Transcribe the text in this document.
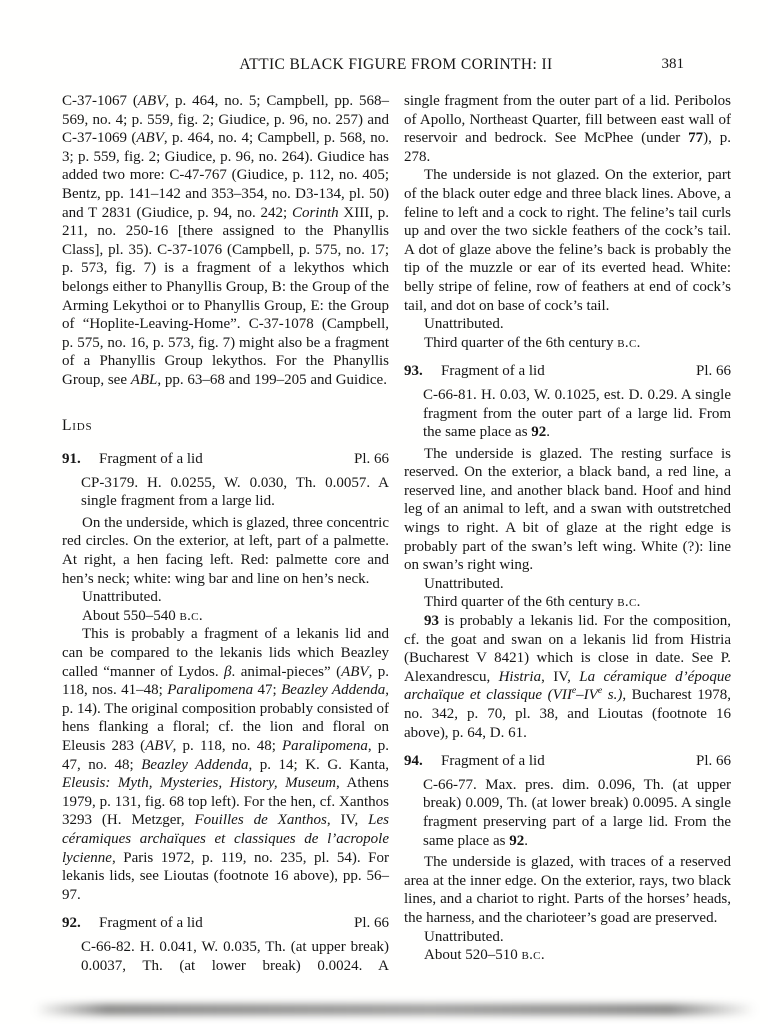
ATTIC BLACK FIGURE FROM CORINTH: II	381

C-37-1067 (ABV, p. 464, no. 5; Campbell, pp. 568–569, no. 4; p. 559, fig. 2; Giudice, p. 96, no. 257) and C-37-1069 (ABV, p. 464, no. 4; Campbell, p. 568, no. 3; p. 559, fig. 2; Giudice, p. 96, no. 264). Giudice has added two more: C-47-767 (Giudice, p. 112, no. 405; Bentz, pp. 141–142 and 353–354, no. D3-134, pl. 50) and T 2831 (Giudice, p. 94, no. 242; Corinth XIII, p. 211, no. 250-16 [there assigned to the Phanyllis Class], pl. 35). C-37-1076 (Campbell, p. 575, no. 17; p. 573, fig. 7) is a fragment of a lekythos which belongs either to Phanyllis Group, B: the Group of the Arming Lekythoi or to Phanyllis Group, E: the Group of “Hoplite-Leaving-Home”. C-37-1078 (Campbell, p. 575, no. 16, p. 573, fig. 7) might also be a fragment of a Phanyllis Group lekythos. For the Phanyllis Group, see ABL, pp. 63–68 and 199–205 and Guidice.

Lids
91.	Fragment of a lid	Pl. 66

CP-3179. H. 0.0255, W. 0.030, Th. 0.0057. A single fragment from a large lid.

On the underside, which is glazed, three concentric red circles. On the exterior, at left, part of a palmette. At right, a hen facing left. Red: palmette core and hen’s neck; white: wing bar and line on hen’s neck.

Unattributed.

About 550–540 b.c.

This is probably a fragment of a lekanis lid and can be compared to the lekanis lids which Beazley called “manner of Lydos. β. animal-pieces” (ABV, p. 118, nos. 41–48; Paralipomena 47; Beazley Addenda, p. 14). The original composition probably consisted of hens flanking a floral; cf. the lion and floral on Eleusis 283 (ABV, p. 118, no. 48; Paralipomena, p. 47, no. 48; Beazley Addenda, p. 14; K. G. Kanta, Eleusis: Myth, Mysteries, History, Museum, Athens 1979, p. 131, fig. 68 top left). For the hen, cf. Xanthos 3293 (H. Metzger, Fouilles de Xanthos, IV, Les céramiques archaïques et classiques de l’acropole lycienne, Paris 1972, p. 119, no. 235, pl. 54). For lekanis lids, see Lioutas (footnote 16 above), pp. 56–97.

92.	Fragment of a lid	Pl. 66

C-66-82. H. 0.041, W. 0.035, Th. (at upper break) 0.0037, Th. (at lower break) 0.0024. A

single fragment from the outer part of a lid. Peribolos of Apollo, Northeast Quarter, fill between east wall of reservoir and bedrock. See McPhee (under 77), p. 278.

The underside is not glazed. On the exterior, part of the black outer edge and three black lines. Above, a feline to left and a cock to right. The feline’s tail curls up and over the two sickle feathers of the cock’s tail. A dot of glaze above the feline’s back is probably the tip of the muzzle or ear of its everted head. White: belly stripe of feline, row of feathers at end of cock’s tail, and dot on base of cock’s tail.

Unattributed.

Third quarter of the 6th century b.c.

93.	Fragment of a lid	Pl. 66

C-66-81. H. 0.03, W. 0.1025, est. D. 0.29. A single fragment from the outer part of a large lid. From the same place as 92.

The underside is glazed. The resting surface is reserved. On the exterior, a black band, a red line, a reserved line, and another black band. Hoof and hind leg of an animal to left, and a swan with outstretched wings to right. A bit of glaze at the right edge is probably part of the swan’s left wing. White (?): line on swan’s right wing.

Unattributed.

Third quarter of the 6th century b.c.

93 is probably a lekanis lid. For the composition, cf. the goat and swan on a lekanis lid from Histria (Bucharest V 8421) which is close in date. See P. Alexandrescu, Histria, IV, La céramique d’époque archaïque et classique (VIIe–IVe s.), Bucharest 1978, no. 342, p. 70, pl. 38, and Lioutas (footnote 16 above), p. 64, D. 61.

94.	Fragment of a lid	Pl. 66

C-66-77. Max. pres. dim. 0.096, Th. (at upper break) 0.009, Th. (at lower break) 0.0095. A single fragment preserving part of a large lid. From the same place as 92.

The underside is glazed, with traces of a reserved area at the inner edge. On the exterior, rays, two black lines, and a chariot to right. Parts of the horses’ heads, the harness, and the charioteer’s goad are preserved.

Unattributed.

About 520–510 b.c.
